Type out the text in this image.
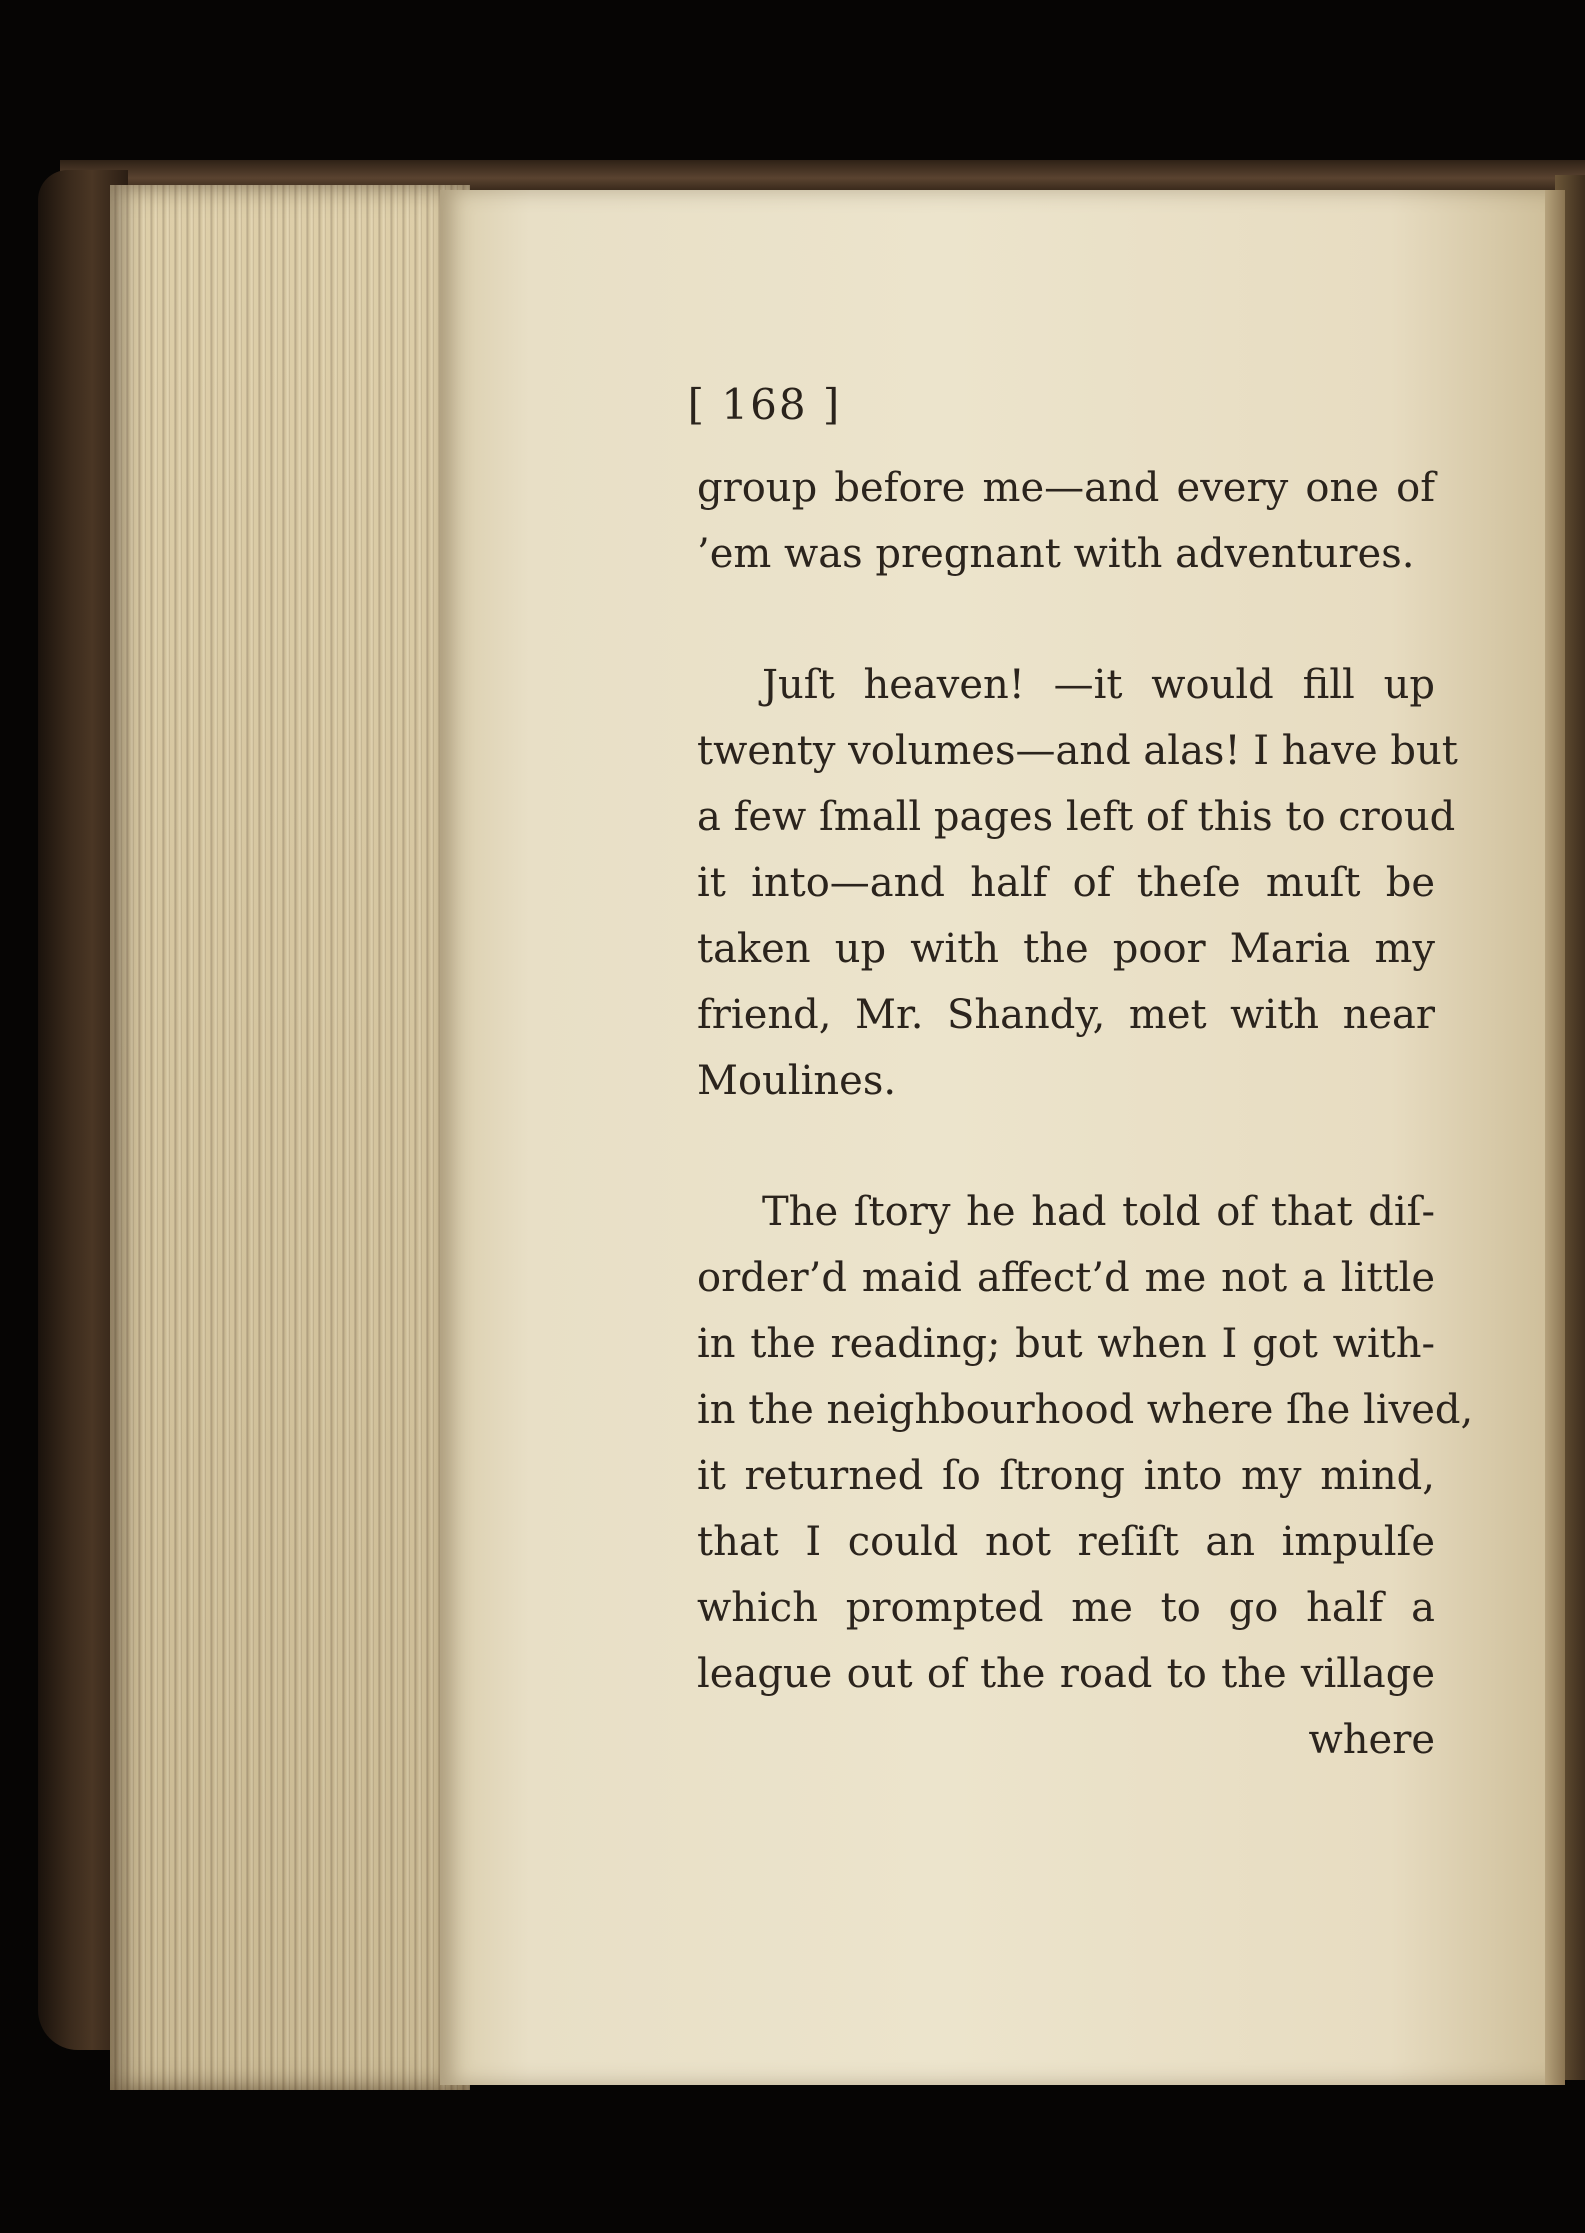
[ 168 ]
group before me—and every one of
’em was pregnant with adventures.
Juſt heaven! —it would fill up
twenty volumes—and alas! I have but
a few ſmall pages left of this to croud
it into—and half of theſe muſt be
taken up with the poor Maria my
friend, Mr. Shandy, met with near
Moulines.
The ſtory he had told of that diſ-
order’d maid affect’d me not a little
in the reading; but when I got with-
in the neighbourhood where ſhe lived,
it returned ſo ſtrong into my mind,
that I could not reſiſt an impulſe
which prompted me to go half a
league out of the road to the village
where
